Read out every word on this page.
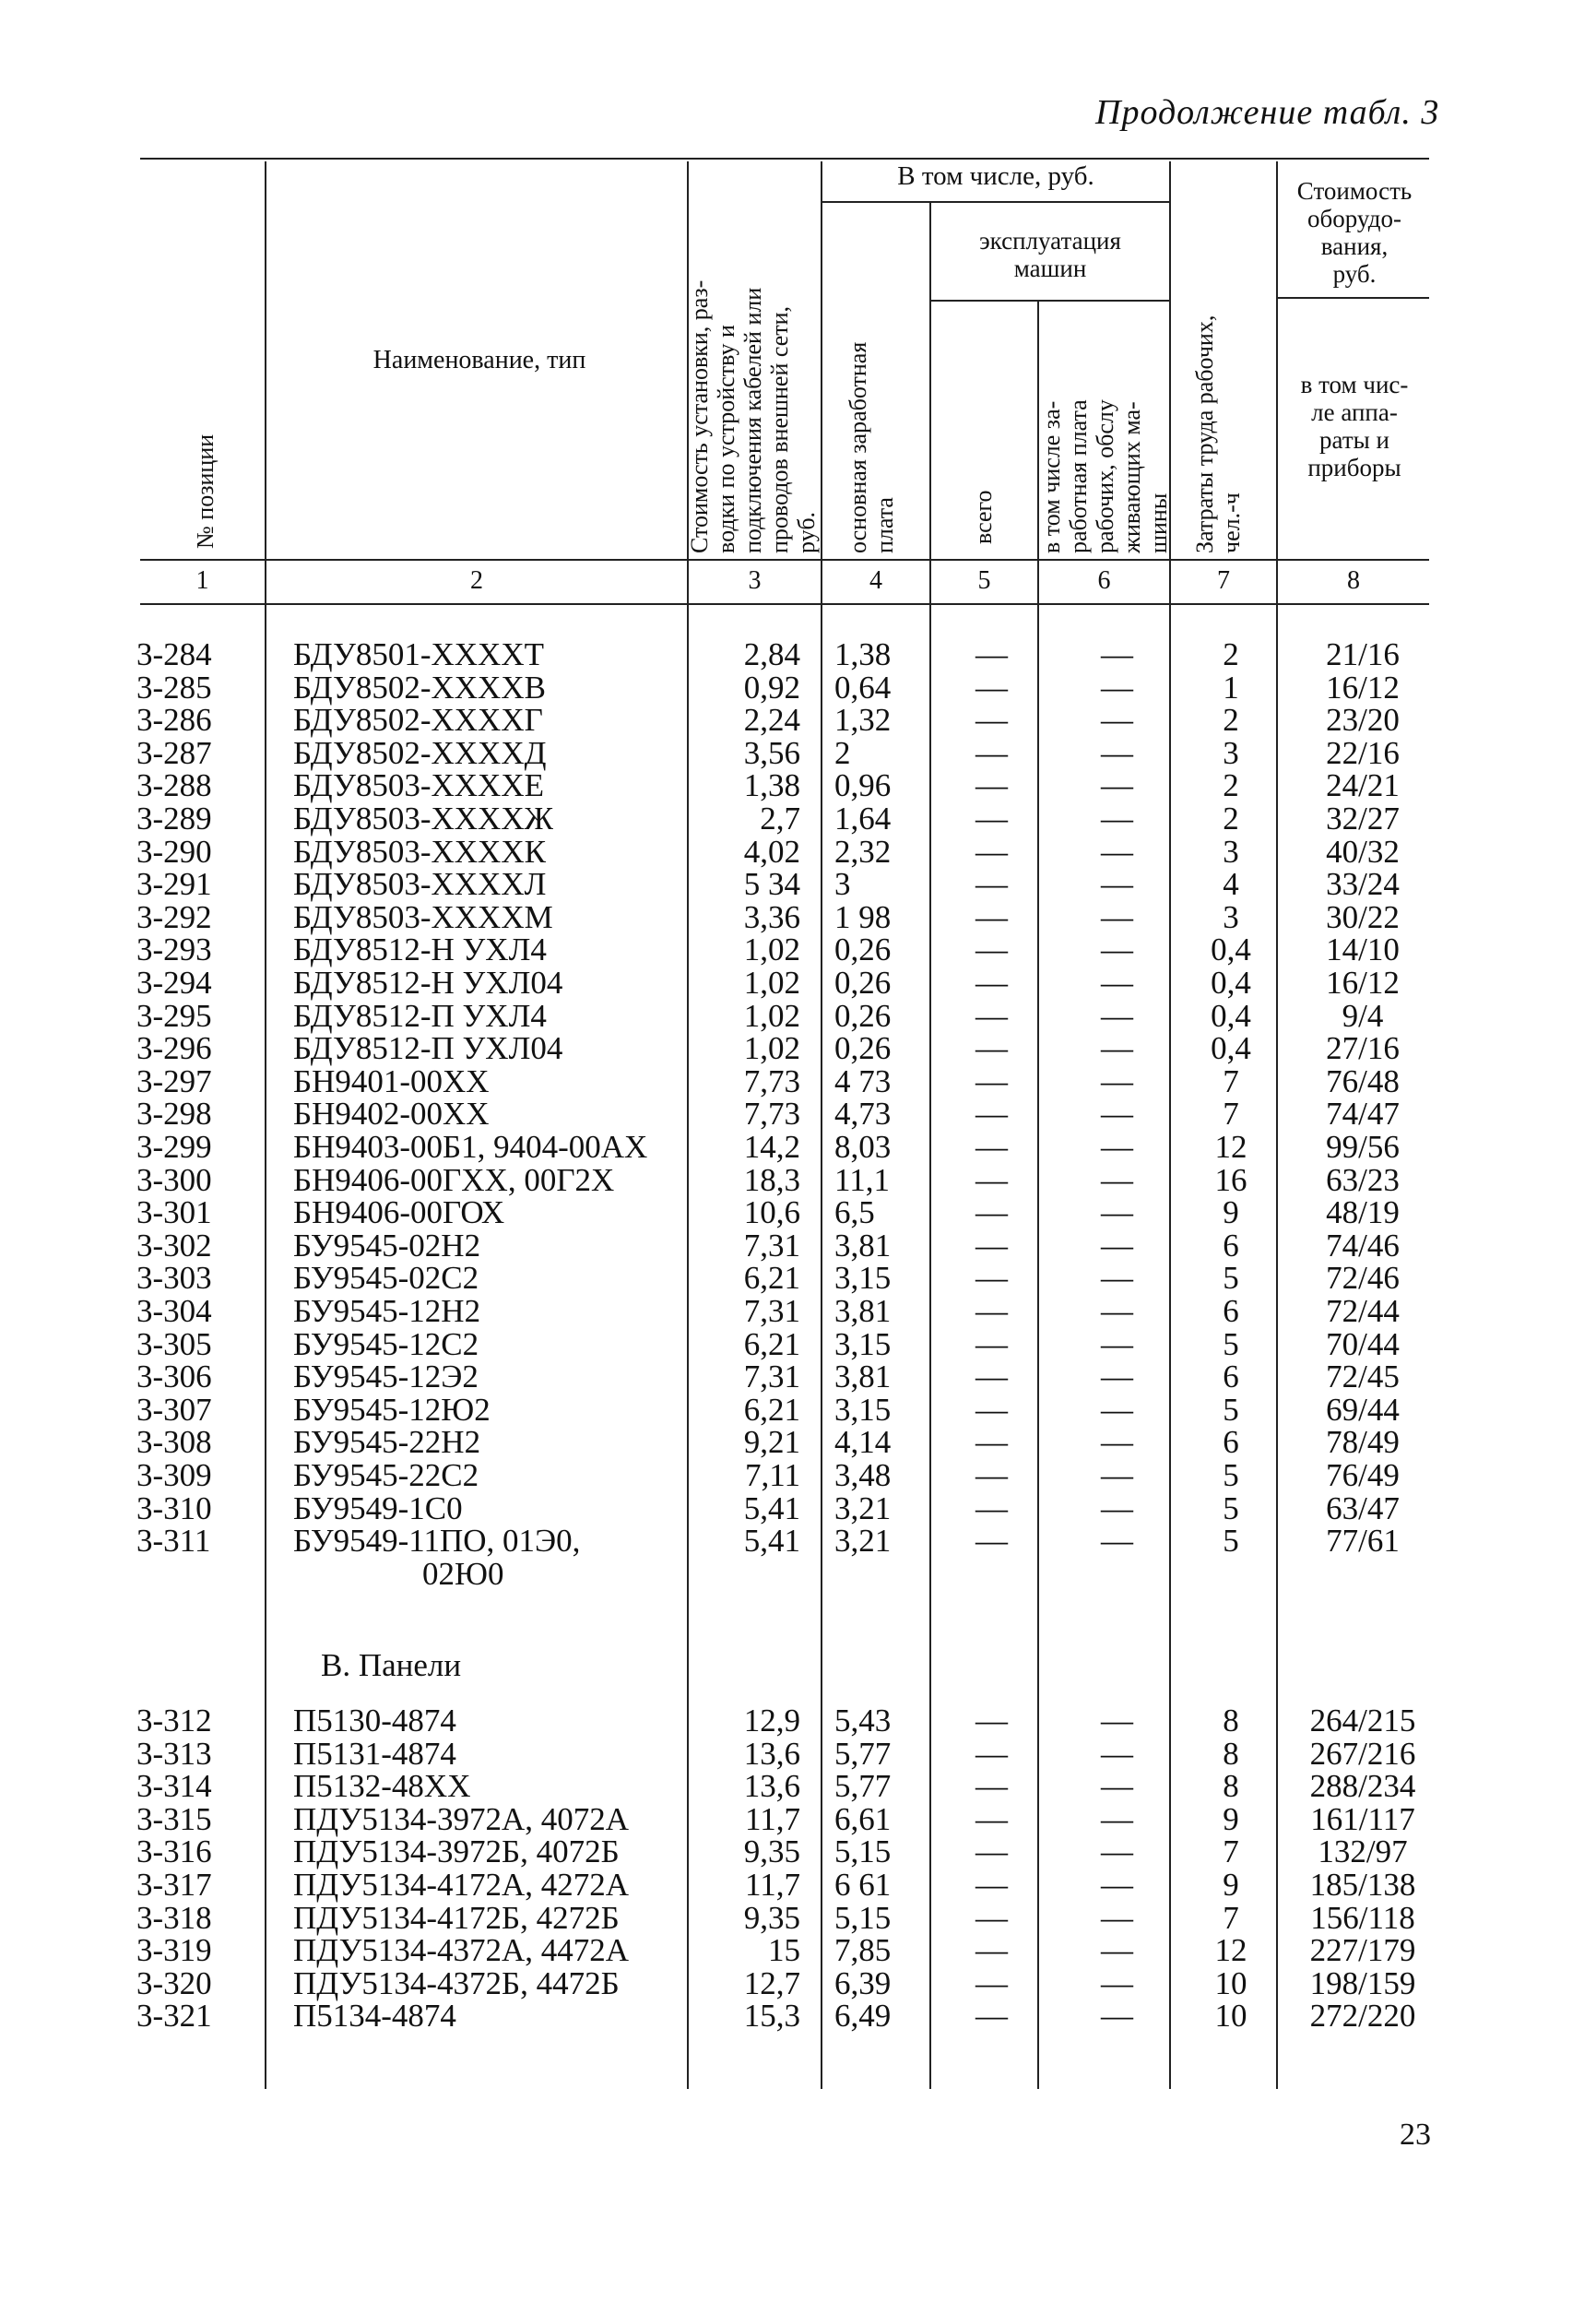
Продолжение табл. 3
№ позиции
Наименование, тип
Стоимость установки, раз-
водки по устройству и
подключения кабелей или
проводов внешней сети,
руб.
В том числе, руб.
основная заработная
плата
эксплуатация
машин
всего
в том числе за-
работная плата
рабочих, обслу
живающих ма-
шины Затраты труда рабочих,
чел.-ч
Стоимость
оборудо-
вания,
руб.
в том чис-
ле аппа-
раты и
приборы
1	2	3	4	5	6	7	8
3-284	БДУ8501-ХХХХТ	2,84 1,38	—	—	2	21/16
3-285	БДУ8502-ХХХХВ	0,92 0,64	—	—	1	16/12
3-286	БДУ8502-ХХХХГ	2,24 1,32	—	—	2	23/20
3-287	БДУ8502-ХХХХД	3,56 2	—	—	3	22/16
3-288	БДУ8503-ХХХХЕ	1,38 0,96	—	—	2	24/21
3-289	БДУ8503-ХХХХЖ	2,7 1,64	—	—	2	32/27
3-290	БДУ8503-ХХХХК	4,02 2,32	—	—	3	40/32
3-291	БДУ8503-ХХХХЛ	5 34 3	—	—	4	33/24
3-292	БДУ8503-ХХХХМ	3,36 1 98	—	—	3	30/22
3-293	БДУ8512-Н УХЛ4	1,02 0,26	—	—	0,4	14/10
3-294	БДУ8512-Н УХЛ04	1,02 0,26	—	—	0,4	16/12
3-295	БДУ8512-П УХЛ4	1,02 0,26	—	—	0,4	9/4
3-296	БДУ8512-П УХЛ04	1,02 0,26	—	—	0,4	27/16
3-297	БН9401-00ХХ	7,73 4 73	—	—	7	76/48
3-298	БН9402-00ХХ	7,73 4,73	—	—	7	74/47
3-299	БН9403-00Б1, 9404-00АХ	14,2 8,03	—	—	12	99/56
3-300	БН9406-00ГХХ, 00Г2Х	18,3 11,1	—	—	16	63/23
3-301	БН9406-00ГОХ	10,6 6,5	—	—	9	48/19
3-302	БУ9545-02Н2	7,31 3,81	—	—	6	74/46
3-303	БУ9545-02С2	6,21 3,15	—	—	5	72/46
3-304	БУ9545-12Н2	7,31 3,81	—	—	6	72/44
3-305	БУ9545-12С2	6,21 3,15	—	—	5	70/44
3-306	БУ9545-12Э2	7,31 3,81	—	—	6	72/45
3-307	БУ9545-12Ю2	6,21 3,15	—	—	5	69/44
3-308	БУ9545-22Н2	9,21 4,14	—	—	6	78/49
3-309	БУ9545-22С2	7,11 3,48	—	—	5	76/49
3-310	БУ9549-1С0	5,41 3,21	—	—	5	63/47
3-311	БУ9549-11ПО, 01Э0,	5,41 3,21	—	—	5	77/61
02Ю0
В. Панели
3-312	П5130-4874	12,9 5,43	—	—	8	264/215
3-313	П5131-4874	13,6 5,77	—	—	8	267/216
3-314	П5132-48ХХ	13,6 5,77	—	—	8	288/234
3-315	ПДУ5134-3972А, 4072А	11,7 6,61	—	—	9	161/117
3-316	ПДУ5134-3972Б, 4072Б	9,35 5,15	—	—	7	132/97
3-317	ПДУ5134-4172А, 4272А	11,7 6 61	—	—	9	185/138
3-318	ПДУ5134-4172Б, 4272Б	9,35 5,15	—	—	7	156/118
3-319	ПДУ5134-4372А, 4472А	15 7,85	—	—	12	227/179
3-320	ПДУ5134-4372Б, 4472Б	12,7 6,39	—	—	10	198/159
3-321	П5134-4874	15,3 6,49	—	—	10	272/220
23
